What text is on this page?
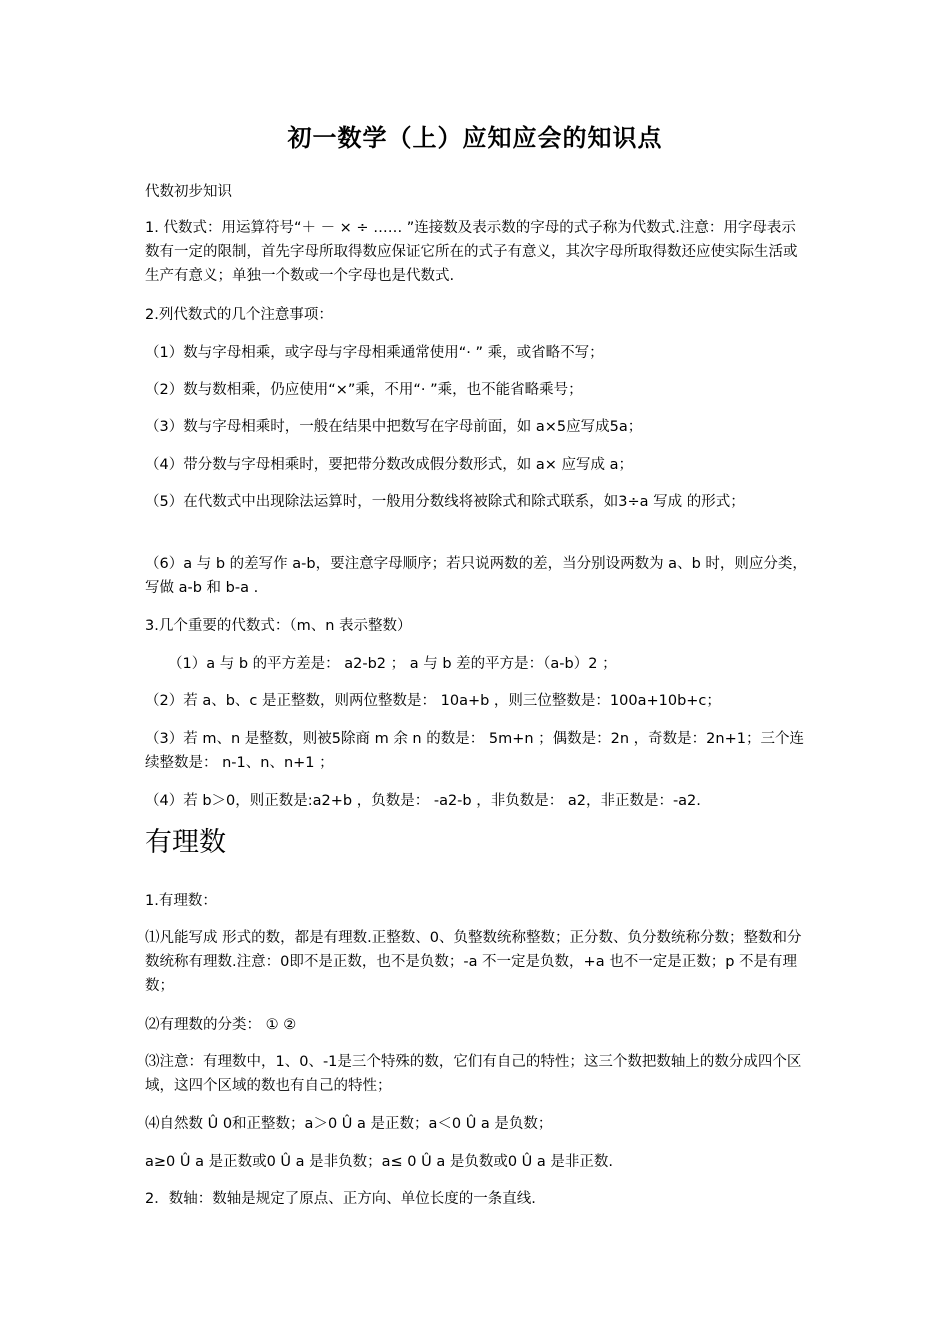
初一数学（上）应知应会的知识点
代数初步知识
1. 代数式：用运算符号“＋ － × ÷ …… ”连接数及表示数的字母的式子称为代数式.注意：用字母表示数有一定的限制，首先字母所取得数应保证它所在的式子有意义，其次字母所取得数还应使实际生活或生产有意义；单独一个数或一个字母也是代数式.
2.列代数式的几个注意事项：
（1）数与字母相乘，或字母与字母相乘通常使用“· ” 乘，或省略不写；
（2）数与数相乘，仍应使用“×”乘，不用“· ”乘，也不能省略乘号；
（3）数与字母相乘时，一般在结果中把数写在字母前面，如 a×5应写成5a；
（4）带分数与字母相乘时，要把带分数改成假分数形式，如 a× 应写成 a；
（5）在代数式中出现除法运算时，一般用分数线将被除式和除式联系，如3÷a 写成 的形式；
（6）a 与 b 的差写作 a-b，要注意字母顺序；若只说两数的差，当分别设两数为 a、b 时，则应分类，写做 a-b 和 b-a .
3.几个重要的代数式：（m、n 表示整数）
（1）a 与 b 的平方差是： a2-b2 ； a 与 b 差的平方是：（a-b）2 ；
（2）若 a、b、c 是正整数，则两位整数是： 10a+b ，则三位整数是：100a+10b+c；
（3）若 m、n 是整数，则被5除商 m 余 n 的数是： 5m+n ；偶数是：2n ，奇数是：2n+1；三个连续整数是： n-1、n、n+1 ；
（4）若 b＞0，则正数是:a2+b ，负数是： -a2-b ，非负数是： a2，非正数是：-a2.
有理数
1.有理数：
⑴凡能写成 形式的数，都是有理数.正整数、0、负整数统称整数；正分数、负分数统称分数；整数和分数统称有理数.注意：0即不是正数，也不是负数；-a 不一定是负数，+a 也不一定是正数；p 不是有理数；
⑵有理数的分类： ① ②
⑶注意：有理数中，1、0、-1是三个特殊的数，它们有自己的特性；这三个数把数轴上的数分成四个区域，这四个区域的数也有自己的特性；
⑷自然数 Û 0和正整数；a＞0 Û a 是正数；a＜0 Û a 是负数；
a≥0 Û a 是正数或0 Û a 是非负数；a≤ 0 Û a 是负数或0 Û a 是非正数.
2．数轴：数轴是规定了原点、正方向、单位长度的一条直线.
